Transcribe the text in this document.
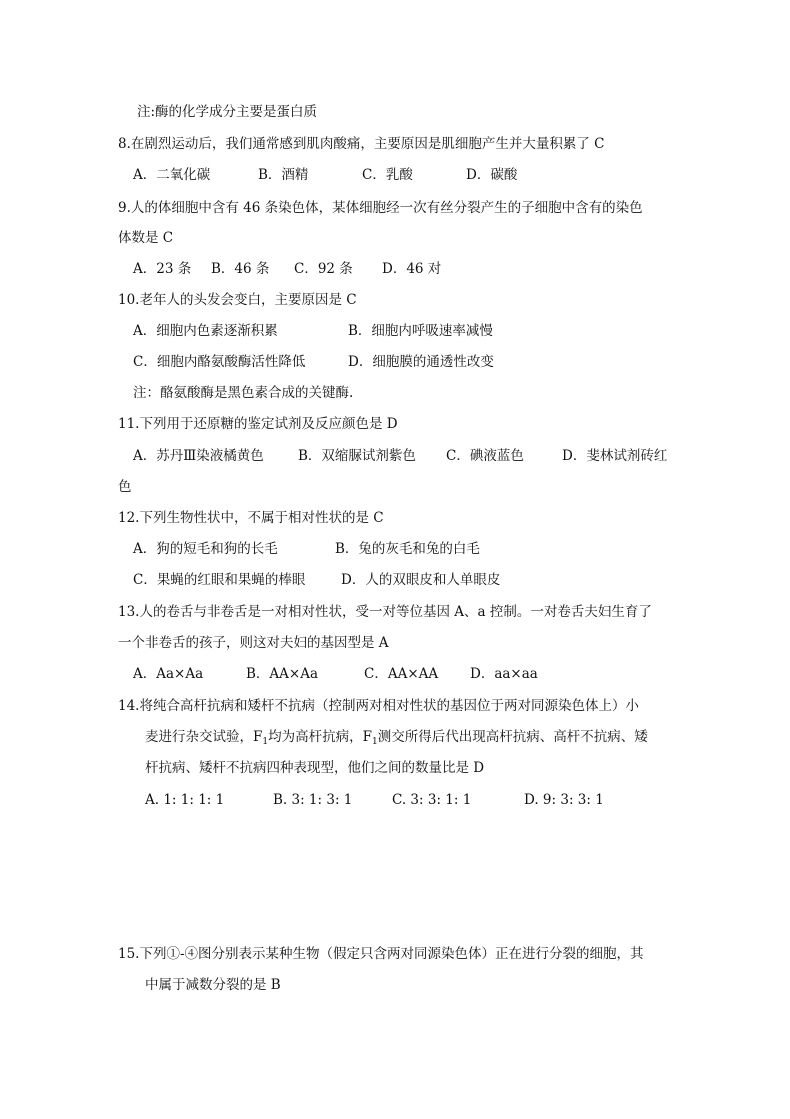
注:酶的化学成分主要是蛋白质
8.在剧烈运动后，我们通常感到肌肉酸痛，主要原因是肌细胞产生并大量积累了 C
A．二氧化碳	B．酒精	C．乳酸	D．碳酸
9.人的体细胞中含有 46 条染色体，某体细胞经一次有丝分裂产生的子细胞中含有的染色
体数是 C
A．23 条 B．46 条 C．92 条 D．46 对
10.老年人的头发会变白，主要原因是 C
A．细胞内色素逐渐积累	B．细胞内呼吸速率减慢
C．细胞内酪氨酸酶活性降低	D．细胞膜的通透性改变
注：酪氨酸酶是黑色素合成的关键酶.
11.下列用于还原糖的鉴定试剂及反应颜色是 D
A．苏丹Ⅲ染液橘黄色	B．双缩脲试剂紫色 C．碘液蓝色	D．斐林试剂砖红
色
12.下列生物性状中，不属于相对性状的是 C
A．狗的短毛和狗的长毛	B．兔的灰毛和兔的白毛
C．果蝇的红眼和果蝇的棒眼	D．人的双眼皮和人单眼皮
13.人的卷舌与非卷舌是一对相对性状，受一对等位基因 A、a 控制。一对卷舌夫妇生育了
一个非卷舌的孩子，则这对夫妇的基因型是 A
A．Aa×Aa	B．AA×Aa	C．AA×AA D．aa×aa
14.将纯合高杆抗病和矮杆不抗病（控制两对相对性状的基因位于两对同源染色体上）小
麦进行杂交试验，$F_1$均为高杆抗病，$F_1$测交所得后代出现高杆抗病、高杆不抗病、矮
杆抗病、矮杆不抗病四种表现型，他们之间的数量比是 D
A. 1: 1: 1: 1	B. 3: 1: 3: 1	C. 3: 3: 1: 1	D. 9: 3: 3: 1
15.下列①-④图分别表示某种生物（假定只含两对同源染色体）正在进行分裂的细胞，其
中属于减数分裂的是 B
